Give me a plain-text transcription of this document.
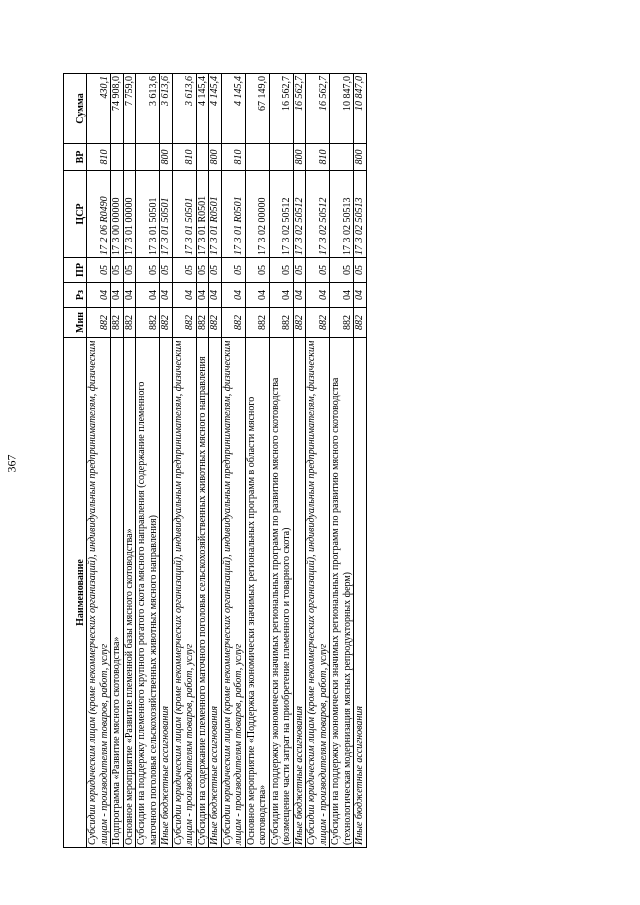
367
Наименование	Мин	Рз	ПР	ЦСР	ВР	Сумма
Субсидии юридическим лицам (кроме некоммерческих организаций), индивидуальным предпринимателям, физическим лицам - производителям товаров, работ, услуг	882	04	05	17 2 06 R0490	810	430,1
Подпрограмма «Развитие мясного скотоводства»	882	04	05	17 3 00 00000		74 908,0
Основное мероприятие «Развитие племенной базы мясного скотоводства»	882	04	05	17 3 01 00000		7 759,0
Субсидии на поддержку племенного крупного рогатого скота мясного направления (содержание племенного маточного поголовья сельскохозяйственных животных мясного направления)	882	04	05	17 3 01 50501		3 613,6
Иные бюджетные ассигнования	882	04	05	17 3 01 50501	800	3 613,6
Субсидии юридическим лицам (кроме некоммерческих организаций), индивидуальным предпринимателям, физическим лицам - производителям товаров, работ, услуг	882	04	05	17 3 01 50501	810	3 613,6
Субсидии на содержание племенного маточного поголовья сельскохозяйственных животных мясного направления	882	04	05	17 3 01 R0501		4 145,4
Иные бюджетные ассигнования	882	04	05	17 3 01 R0501	800	4 145,4
Субсидии юридическим лицам (кроме некоммерческих организаций), индивидуальным предпринимателям, физическим лицам - производителям товаров, работ, услуг	882	04	05	17 3 01 R0501	810	4 145,4
Основное мероприятие «Поддержка экономически значимых региональных программ в области мясного скотоводства»	882	04	05	17 3 02 00000		67 149,0
Субсидии на поддержку экономически значимых региональных программ по развитию мясного скотоводства (возмещение части затрат на приобретение племенного и товарного скота)	882	04	05	17 3 02 50512		16 562,7
Иные бюджетные ассигнования	882	04	05	17 3 02 50512	800	16 562,7
Субсидии юридическим лицам (кроме некоммерческих организаций), индивидуальным предпринимателям, физическим лицам - производителям товаров, работ, услуг	882	04	05	17 3 02 50512	810	16 562,7
Субсидии на поддержку экономически значимых региональных программ по развитию мясного скотоводства (технологическая модернизация мясных репродукторных ферм)	882	04	05	17 3 02 50513		10 847,0
Иные бюджетные ассигнования	882	04	05	17 3 02 50513	800	10 847,0
